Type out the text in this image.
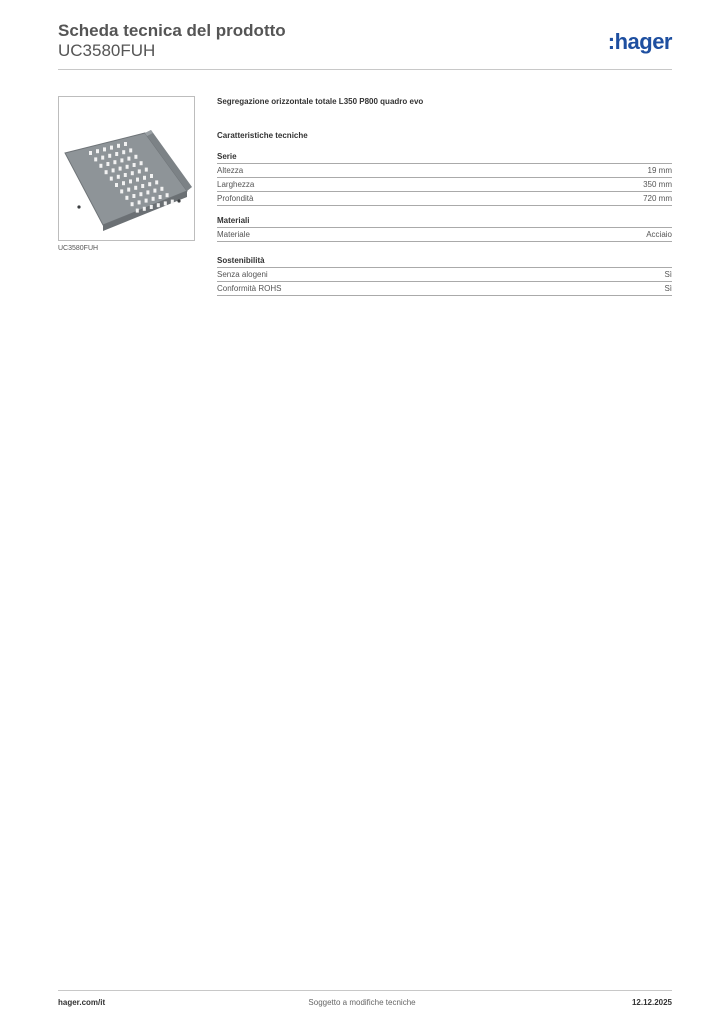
Scheda tecnica del prodotto
UC3580FUH	:hager
UC3580FUH
Segregazione orizzontale totale L350 P800 quadro evo
Caratteristiche tecniche
Serie
Altezza	19 mm
Larghezza	350 mm
Profondità	720 mm
Materiali
Materiale	Acciaio
Sostenibilità
Senza alogeni	Sì
Conformità ROHS	Sì
hager.com/it	Soggetto a modifiche tecniche	12.12.2025
